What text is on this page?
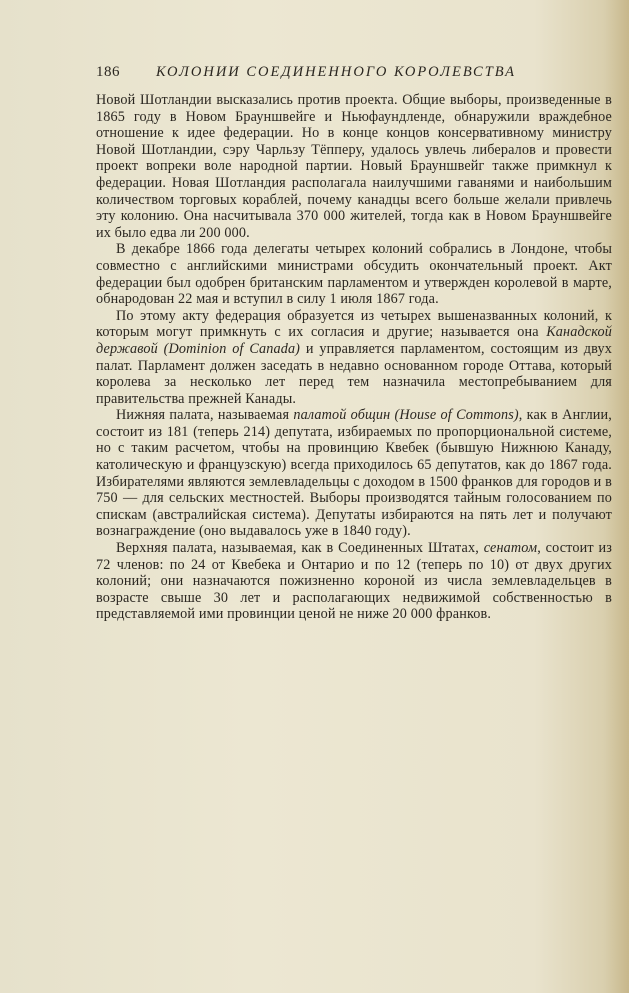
186 КОЛОНИИ СОЕДИНЕННОГО КОРОЛЕВСТВА

Новой Шотландии высказались против проекта. Общие выборы, произведенные в 1865 году в Новом Брауншвейге и Ньюфаундленде, обнаружили враждебное отношение к идее федерации. Но в конце концов консервативному министру Новой Шотландии, сэру Чарльзу Тёпперу, удалось увлечь либералов и провести проект вопреки воле народной партии. Новый Брауншвейг также примкнул к федерации. Новая Шотландия располагала наилучшими гаванями и наибольшим количеством торговых кораблей, почему канадцы всего больше желали привлечь эту колонию. Она насчитывала 370 000 жителей, тогда как в Новом Брауншвейге их было едва ли 200 000.

В декабре 1866 года делегаты четырех колоний собрались в Лондоне, чтобы совместно с английскими министрами обсудить окончательный проект. Акт федерации был одобрен британским парламентом и утвержден королевой в марте, обнародован 22 мая и вступил в силу 1 июля 1867 года.

По этому акту федерация образуется из четырех вышеназванных колоний, к которым могут примкнуть с их согласия и другие; называется она Канадской державой (Dominion of Canada) и управляется парламентом, состоящим из двух палат. Парламент должен заседать в недавно основанном городе Оттава, который королева за несколько лет перед тем назначила местопребыванием для правительства прежней Канады.

Нижняя палата, называемая палатой общин (House of Commons), как в Англии, состоит из 181 (теперь 214) депутата, избираемых по пропорциональной системе, но с таким расчетом, чтобы на провинцию Квебек (бывшую Нижнюю Канаду, католическую и французскую) всегда приходилось 65 депутатов, как до 1867 года. Избирателями являются землевладельцы с доходом в 1500 франков для городов и в 750 — для сельских местностей. Выборы производятся тайным голосованием по спискам (австралийская система). Депутаты избираются на пять лет и получают вознаграждение (оно выдавалось уже в 1840 году).

Верхняя палата, называемая, как в Соединенных Штатах, сенатом, состоит из 72 членов: по 24 от Квебека и Онтарио и по 12 (теперь по 10) от двух других колоний; они назначаются пожизненно короной из числа землевладельцев в возрасте свыше 30 лет и располагающих недвижимой собственностью в представляемой ими провинции ценой не ниже 20 000 франков.
